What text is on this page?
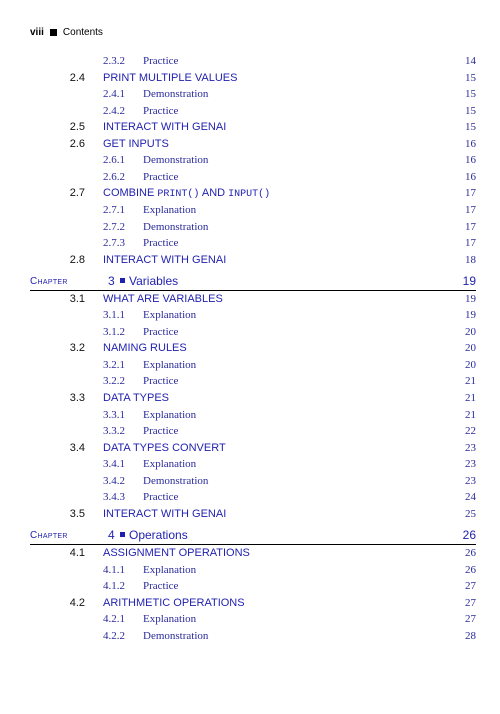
viii Contents
2.3.2 Practice	14
2.4 PRINT MULTIPLE VALUES	15
2.4.1 Demonstration	15
2.4.2 Practice	15
2.5 INTERACT WITH GENAI	15
2.6 GET INPUTS	16
2.6.1 Demonstration	16
2.6.2 Practice	16
2.7 COMBINE PRINT() AND INPUT()	17
2.7.1 Explanation	17
2.7.2 Demonstration	17
2.7.3 Practice	17
2.8 INTERACT WITH GENAI	18
Chapter	3 Variables	19
3.1 WHAT ARE VARIABLES	19
3.1.1 Explanation	19
3.1.2 Practice	20
3.2 NAMING RULES	20
3.2.1 Explanation	20
3.2.2 Practice	21
3.3 DATA TYPES	21
3.3.1 Explanation	21
3.3.2 Practice	22
3.4 DATA TYPES CONVERT	23
3.4.1 Explanation	23
3.4.2 Demonstration	23
3.4.3 Practice	24
3.5 INTERACT WITH GENAI	25
Chapter	4 Operations	26
4.1 ASSIGNMENT OPERATIONS	26
4.1.1 Explanation	26
4.1.2 Practice	27
4.2 ARITHMETIC OPERATIONS	27
4.2.1 Explanation	27
4.2.2 Demonstration	28
